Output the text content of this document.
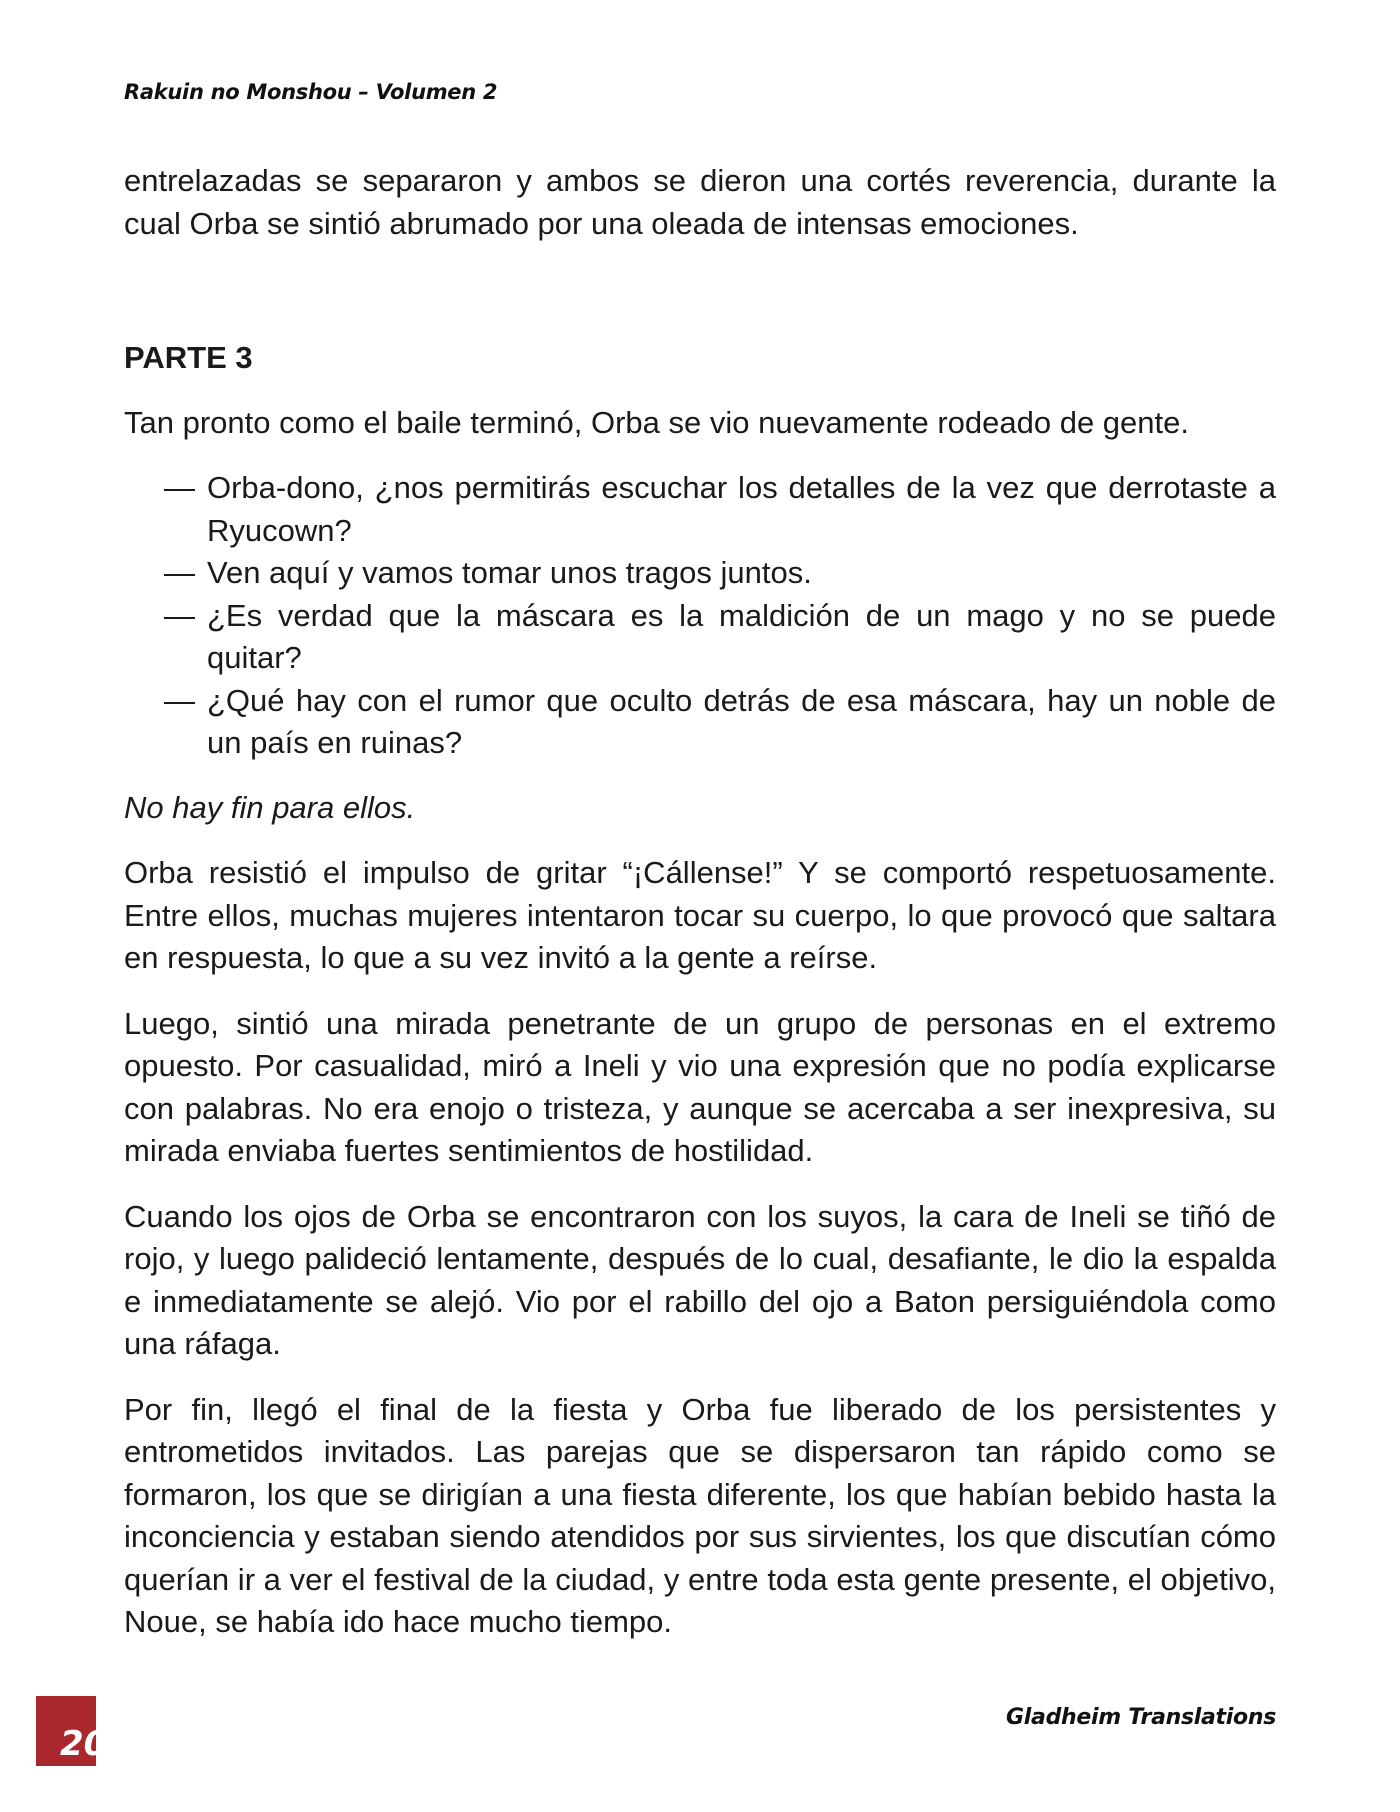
Rakuin no Monshou – Volumen 2

entrelazadas se separaron y ambos se dieron una cortés reverencia, durante la cual Orba se sintió abrumado por una oleada de intensas emociones.

PARTE 3

Tan pronto como el baile terminó, Orba se vio nuevamente rodeado de gente.

— Orba-dono, ¿nos permitirás escuchar los detalles de la vez que derrotaste a Ryucown?
— Ven aquí y vamos tomar unos tragos juntos.
— ¿Es verdad que la máscara es la maldición de un mago y no se puede quitar?
— ¿Qué hay con el rumor que oculto detrás de esa máscara, hay un noble de un país en ruinas?

No hay fin para ellos.

Orba resistió el impulso de gritar “¡Cállense!” Y se comportó respetuosamente. Entre ellos, muchas mujeres intentaron tocar su cuerpo, lo que provocó que saltara en respuesta, lo que a su vez invitó a la gente a reírse.

Luego, sintió una mirada penetrante de un grupo de personas en el extremo opuesto. Por casualidad, miró a Ineli y vio una expresión que no podía explicarse con palabras. No era enojo o tristeza, y aunque se acercaba a ser inexpresiva, su mirada enviaba fuertes sentimientos de hostilidad.

Cuando los ojos de Orba se encontraron con los suyos, la cara de Ineli se tiñó de rojo, y luego palideció lentamente, después de lo cual, desafiante, le dio la espalda e inmediatamente se alejó. Vio por el rabillo del ojo a Baton persiguiéndola como una ráfaga.

Por fin, llegó el final de la fiesta y Orba fue liberado de los persistentes y entrometidos invitados. Las parejas que se dispersaron tan rápido como se formaron, los que se dirigían a una fiesta diferente, los que habían bebido hasta la inconciencia y estaban siendo atendidos por sus sirvientes, los que discutían cómo querían ir a ver el festival de la ciudad, y entre toda esta gente presente, el objetivo, Noue, se había ido hace mucho tiempo.

20
Gladheim Translations
